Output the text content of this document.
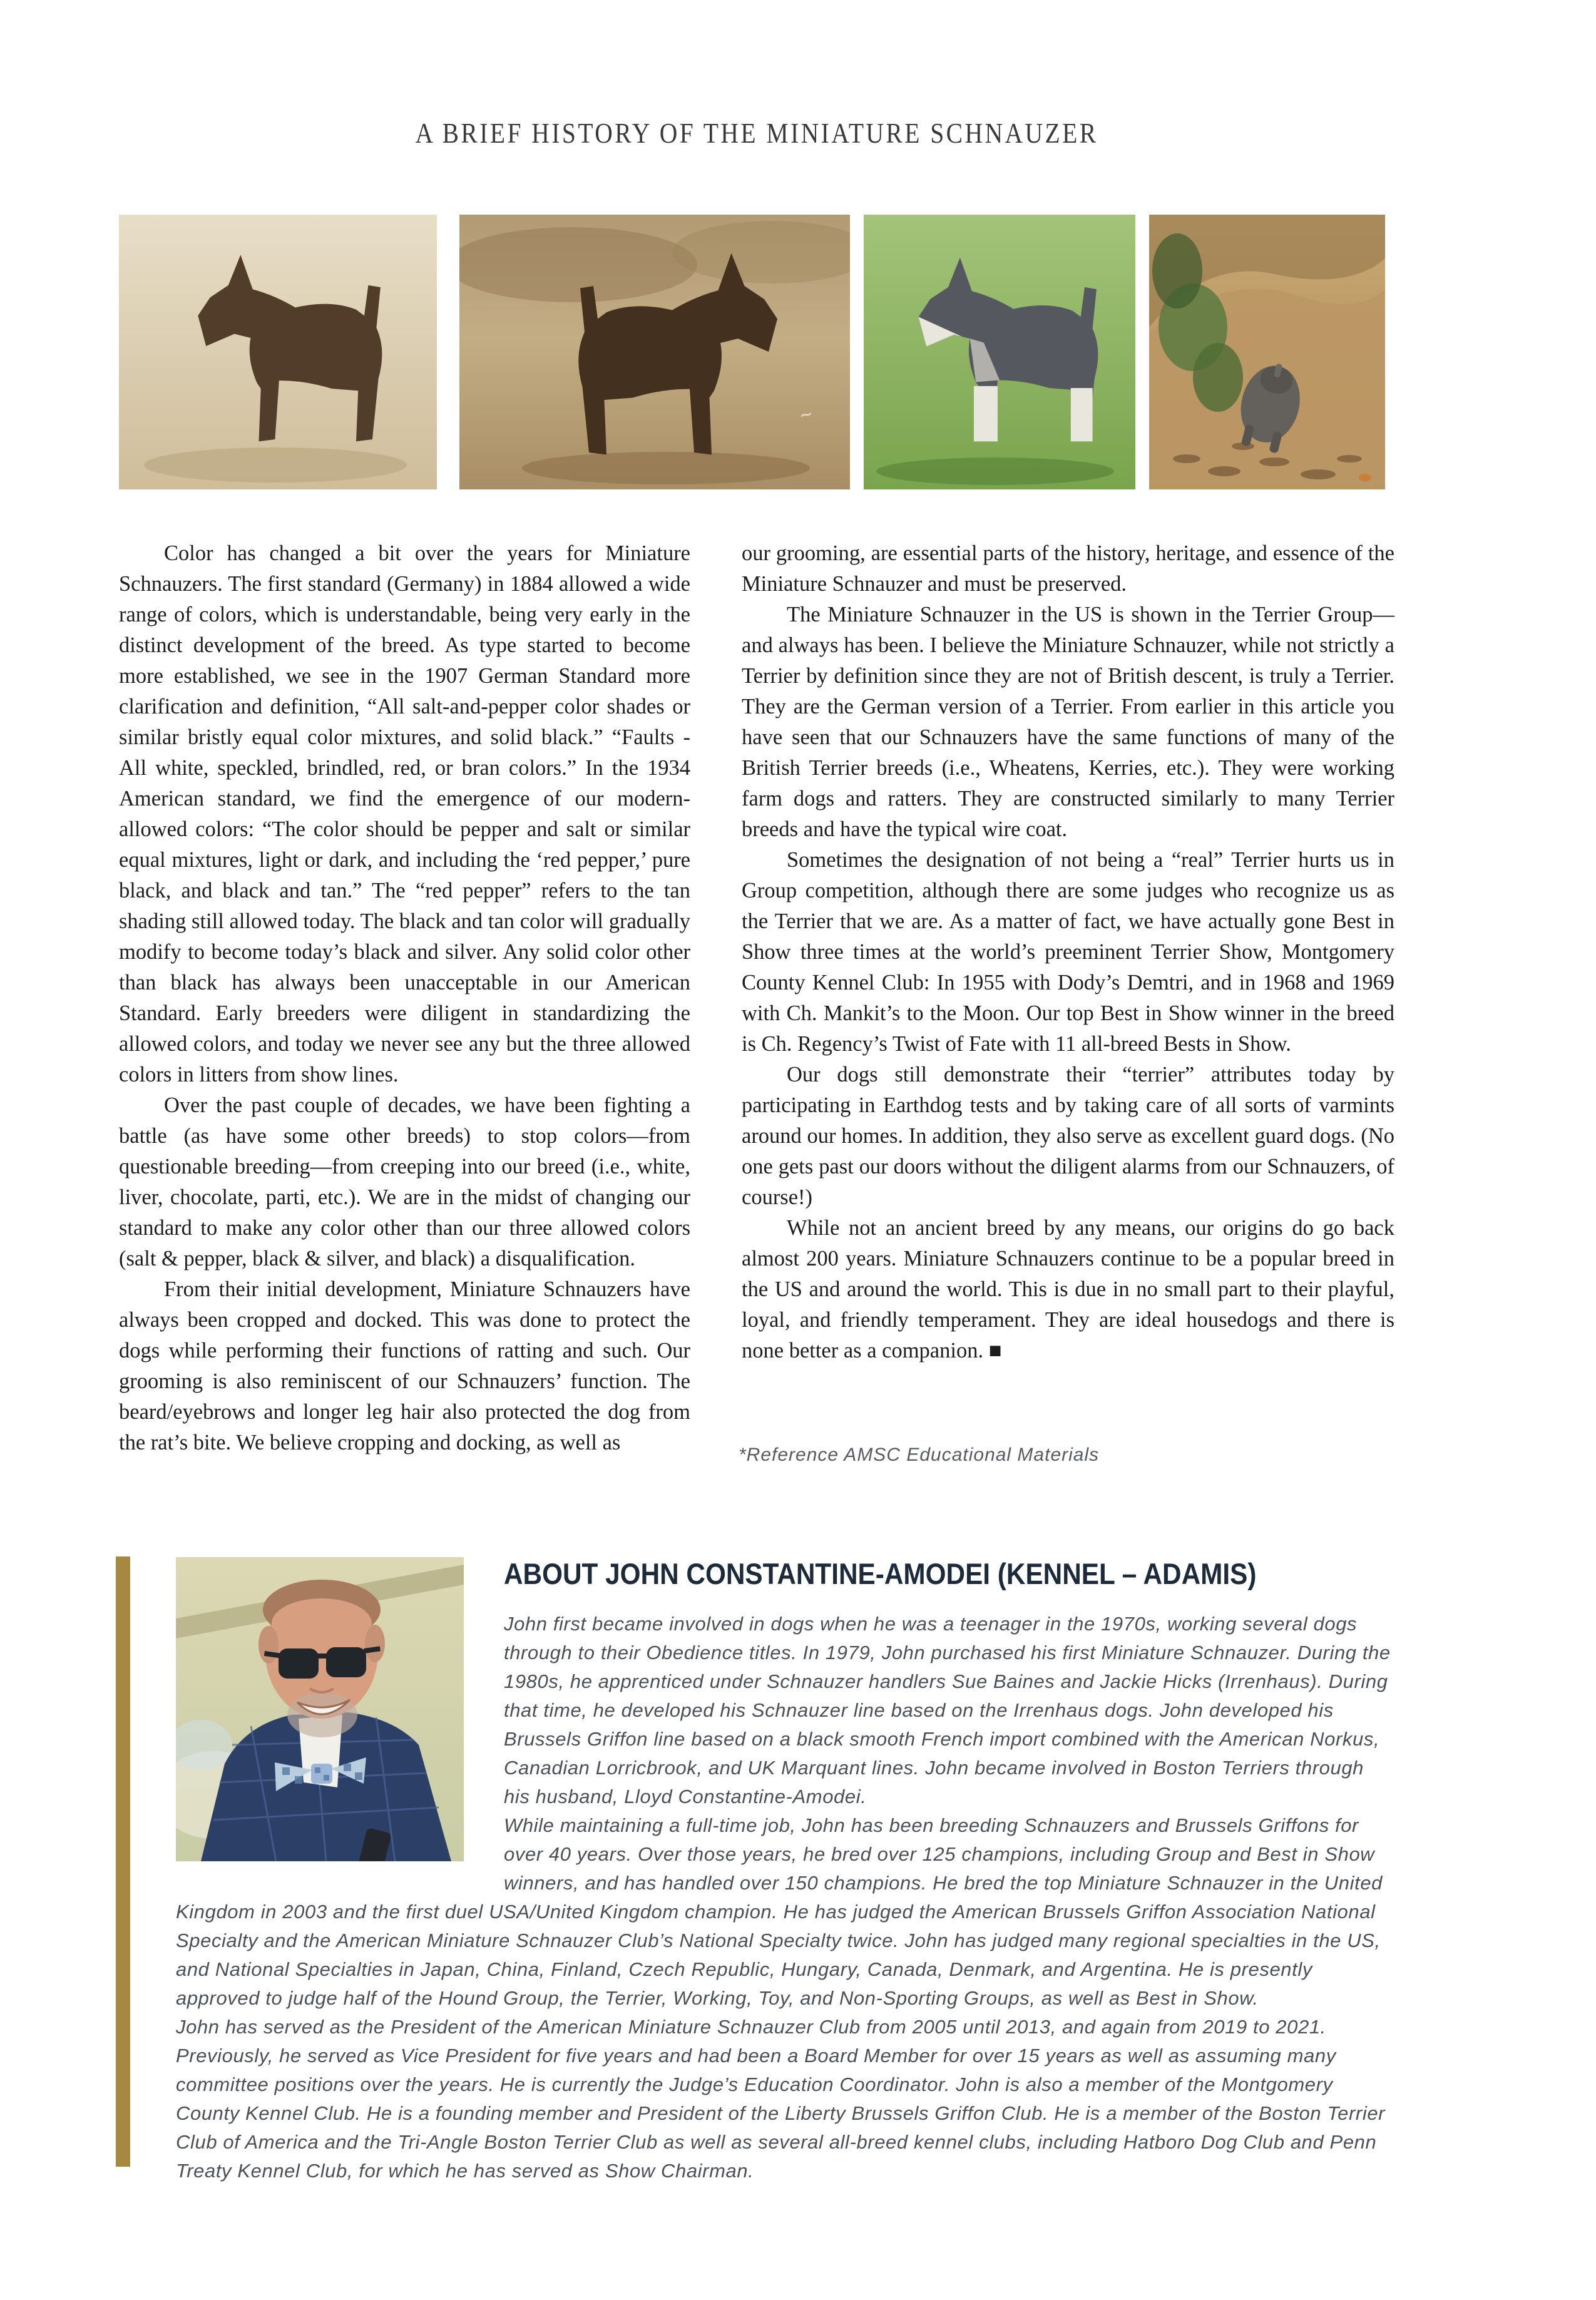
A BRIEF HISTORY OF THE MINIATURE SCHNAUZER
~

Color has changed a bit over the years for Miniature Schnauzers. The first standard (Germany) in 1884 allowed a wide range of colors, which is understandable, being very early in the distinct development of the breed. As type started to become more established, we see in the 1907 German Standard more clarification and definition, “All salt-and-pepper color shades or similar bristly equal color mixtures, and solid black.” “Faults - All white, speckled, brindled, red, or bran colors.” In the 1934 American standard, we find the emergence of our modern-allowed colors: “The color should be pepper and salt or similar equal mixtures, light or dark, and including the ‘red pepper,’ pure black, and black and tan.” The “red pepper” refers to the tan shading still allowed today. The black and tan color will gradually modify to become today’s black and silver. Any solid color other than black has always been unacceptable in our American Standard. Early breeders were diligent in standardizing the allowed colors, and today we never see any but the three allowed colors in litters from show lines.

Over the past couple of decades, we have been fighting a battle (as have some other breeds) to stop colors—from questionable breeding—from creeping into our breed (i.e., white, liver, chocolate, parti, etc.). We are in the midst of changing our standard to make any color other than our three allowed colors (salt & pepper, black & silver, and black) a disqualification.

From their initial development, Miniature Schnauzers have always been cropped and docked. This was done to protect the dogs while performing their functions of ratting and such. Our grooming is also reminiscent of our Schnauzers’ function. The beard/eyebrows and longer leg hair also protected the dog from the rat’s bite. We believe cropping and docking, as well as

our grooming, are essential parts of the history, heritage, and essence of the Miniature Schnauzer and must be preserved.

The Miniature Schnauzer in the US is shown in the Terrier Group—and always has been. I believe the Miniature Schnauzer, while not strictly a Terrier by definition since they are not of British descent, is truly a Terrier. They are the German version of a Terrier. From earlier in this article you have seen that our Schnauzers have the same functions of many of the British Terrier breeds (i.e., Wheatens, Kerries, etc.). They were working farm dogs and ratters. They are constructed similarly to many Terrier breeds and have the typical wire coat.

Sometimes the designation of not being a “real” Terrier hurts us in Group competition, although there are some judges who recognize us as the Terrier that we are. As a matter of fact, we have actually gone Best in Show three times at the world’s preeminent Terrier Show, Montgomery County Kennel Club: In 1955 with Dody’s Demtri, and in 1968 and 1969 with Ch. Mankit’s to the Moon. Our top Best in Show winner in the breed is Ch. Regency’s Twist of Fate with 11 all-breed Bests in Show.

Our dogs still demonstrate their “terrier” attributes today by participating in Earthdog tests and by taking care of all sorts of varmints around our homes. In addition, they also serve as excellent guard dogs. (No one gets past our doors without the diligent alarms from our Schnauzers, of course!)

While not an ancient breed by any means, our origins do go back almost 200 years. Miniature Schnauzers continue to be a popular breed in the US and around the world. This is due in no small part to their playful, loyal, and friendly temperament. They are ideal housedogs and there is none better as a companion. ■

*Reference AMSC Educational Materials
ABOUT JOHN CONSTANTINE-AMODEI (KENNEL – ADAMIS)

John first became involved in dogs when he was a teenager in the 1970s, working several dogs through to their Obedience titles. In 1979, John purchased his first Miniature Schnauzer. During the 1980s, he apprenticed under Schnauzer handlers Sue Baines and Jackie Hicks (Irrenhaus). During that time, he developed his Schnauzer line based on the Irrenhaus dogs. John developed his Brussels Griffon line based on a black smooth French import combined with the American Norkus, Canadian Lorricbrook, and UK Marquant lines. John became involved in Boston Terriers through his husband, Lloyd Constantine-Amodei.

While maintaining a full-time job, John has been breeding Schnauzers and Brussels Griffons for over 40 years. Over those years, he bred over 125 champions, including Group and Best in Show winners, and has handled over 150 champions. He bred the top Miniature Schnauzer in the United Kingdom in 2003 and the first duel USA/United Kingdom champion. He has judged the American Brussels Griffon Association National Specialty and the American Miniature Schnauzer Club’s National Specialty twice. John has judged many regional specialties in the US, and National Specialties in Japan, China, Finland, Czech Republic, Hungary, Canada, Denmark, and Argentina. He is presently approved to judge half of the Hound Group, the Terrier, Working, Toy, and Non-Sporting Groups, as well as Best in Show.

John has served as the President of the American Miniature Schnauzer Club from 2005 until 2013, and again from 2019 to 2021. Previously, he served as Vice President for five years and had been a Board Member for over 15 years as well as assuming many committee positions over the years. He is currently the Judge’s Education Coordinator. John is also a member of the Montgomery County Kennel Club. He is a founding member and President of the Liberty Brussels Griffon Club. He is a member of the Boston Terrier Club of America and the Tri-Angle Boston Terrier Club as well as several all-breed kennel clubs, including Hatboro Dog Club and Penn Treaty Kennel Club, for which he has served as Show Chairman.
